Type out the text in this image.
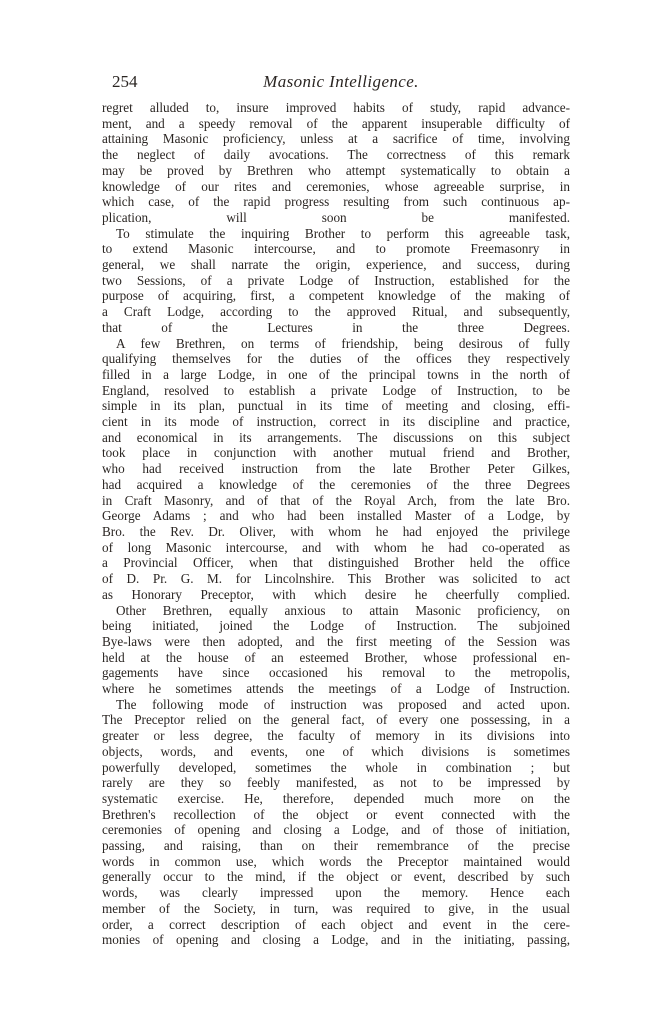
254	Masonic Intelligence.

regret alluded to, insure improved habits of study, rapid advance-
ment, and a speedy removal of the apparent insuperable difficulty of
attaining Masonic proficiency, unless at a sacrifice of time, involving
the neglect of daily avocations. The correctness of this remark
may be proved by Brethren who attempt systematically to obtain a
knowledge of our rites and ceremonies, whose agreeable surprise, in
which case, of the rapid progress resulting from such continuous ap-
plication, will soon be manifested.

To stimulate the inquiring Brother to perform this agreeable task,
to extend Masonic intercourse, and to promote Freemasonry in
general, we shall narrate the origin, experience, and success, during
two Sessions, of a private Lodge of Instruction, established for the
purpose of acquiring, first, a competent knowledge of the making of
a Craft Lodge, according to the approved Ritual, and subsequently,
that of the Lectures in the three Degrees.

A few Brethren, on terms of friendship, being desirous of fully
qualifying themselves for the duties of the offices they respectively
filled in a large Lodge, in one of the principal towns in the north of
England, resolved to establish a private Lodge of Instruction, to be
simple in its plan, punctual in its time of meeting and closing, effi-
cient in its mode of instruction, correct in its discipline and practice,
and economical in its arrangements. The discussions on this subject
took place in conjunction with another mutual friend and Brother,
who had received instruction from the late Brother Peter Gilkes,
had acquired a knowledge of the ceremonies of the three Degrees
in Craft Masonry, and of that of the Royal Arch, from the late Bro.
George Adams ; and who had been installed Master of a Lodge, by
Bro. the Rev. Dr. Oliver, with whom he had enjoyed the privilege
of long Masonic intercourse, and with whom he had co-operated as
a Provincial Officer, when that distinguished Brother held the office
of D. Pr. G. M. for Lincolnshire. This Brother was solicited to act
as Honorary Preceptor, with which desire he cheerfully complied.

Other Brethren, equally anxious to attain Masonic proficiency, on
being initiated, joined the Lodge of Instruction. The subjoined
Bye-laws were then adopted, and the first meeting of the Session was
held at the house of an esteemed Brother, whose professional en-
gagements have since occasioned his removal to the metropolis,
where he sometimes attends the meetings of a Lodge of Instruction.

The following mode of instruction was proposed and acted upon.
The Preceptor relied on the general fact, of every one possessing, in a
greater or less degree, the faculty of memory in its divisions into
objects, words, and events, one of which divisions is sometimes
powerfully developed, sometimes the whole in combination ; but
rarely are they so feebly manifested, as not to be impressed by
systematic exercise. He, therefore, depended much more on the
Brethren's recollection of the object or event connected with the
ceremonies of opening and closing a Lodge, and of those of initiation,
passing, and raising, than on their remembrance of the precise
words in common use, which words the Preceptor maintained would
generally occur to the mind, if the object or event, described by such
words, was clearly impressed upon the memory. Hence each
member of the Society, in turn, was required to give, in the usual
order, a correct description of each object and event in the cere-
monies of opening and closing a Lodge, and in the initiating, passing,
